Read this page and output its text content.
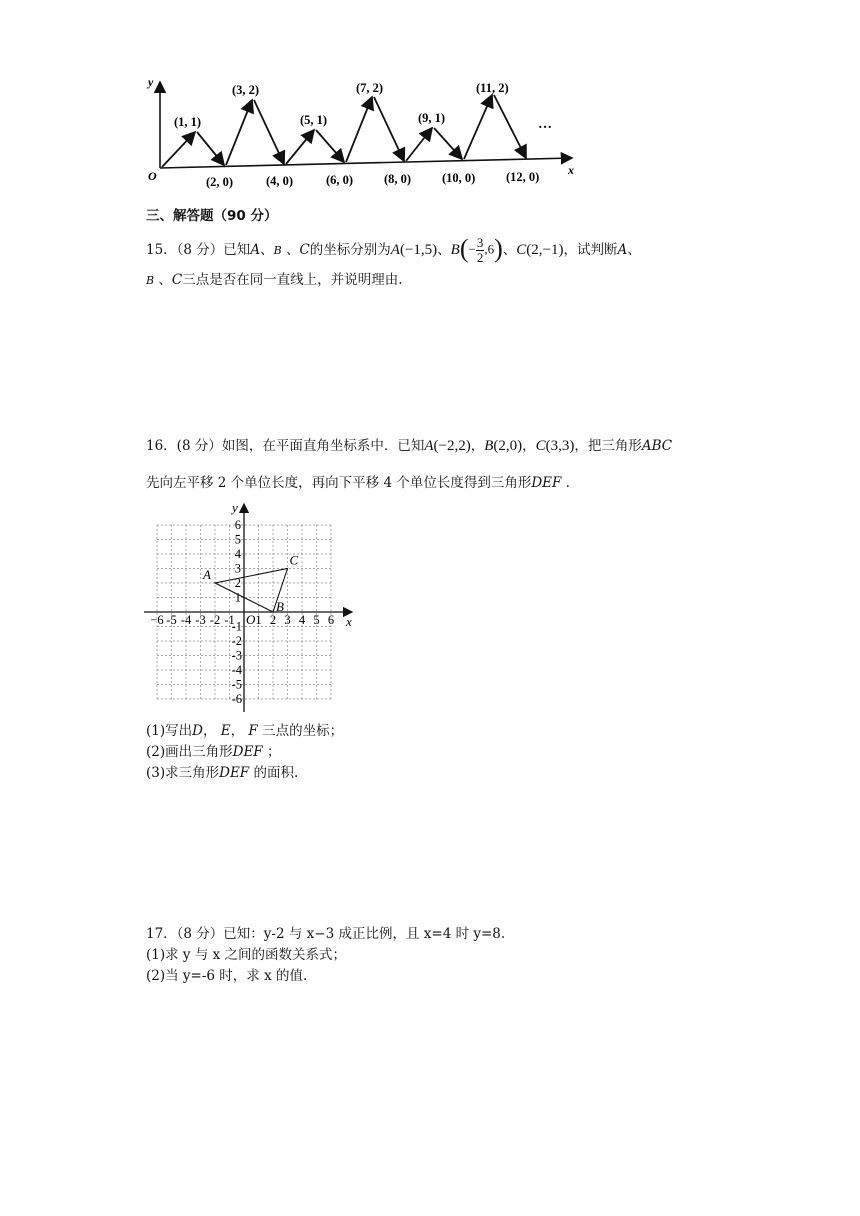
y
x
O
(1, 1)
(3, 2)
(5, 1)
(7, 2)
(9, 1)
(11, 2)
(2, 0)	(4, 0)	(6, 0) (8, 0) (10, 0) (12, 0)
…
三、解答题（90 分）
15．（8 分）已知A、B 、C的坐标分别为A(−1,5)、$B(- \frac{3}{2} ,6)$、C(2,−1)，试判断A、
B 、C三点是否在同一直线上，并说明理由.
16．(8 分）如图，在平面直角坐标系中．已知A(−2,2)，B(2,0)，C(3,3)，把三角形ABC
先向左平移 2 个单位长度，再向下平移 4 个单位长度得到三角形DEF .
x
y
O
−6 -5 -4 -3 -2 -1 1 2 3 4 5 6
1
2
3
4
5
6
-1
-2
-3
-4
-5
-6
A
B
C
(1)写出D， E， F 三点的坐标；
(2)画出三角形DEF ；
(3)求三角形DEF 的面积.
17．（8 分）已知：y-2 与 x−3 成正比例，且 x=4 时 y=8.
(1)求 y 与 x 之间的函数关系式；
(2)当 y=-6 时，求 x 的值.
